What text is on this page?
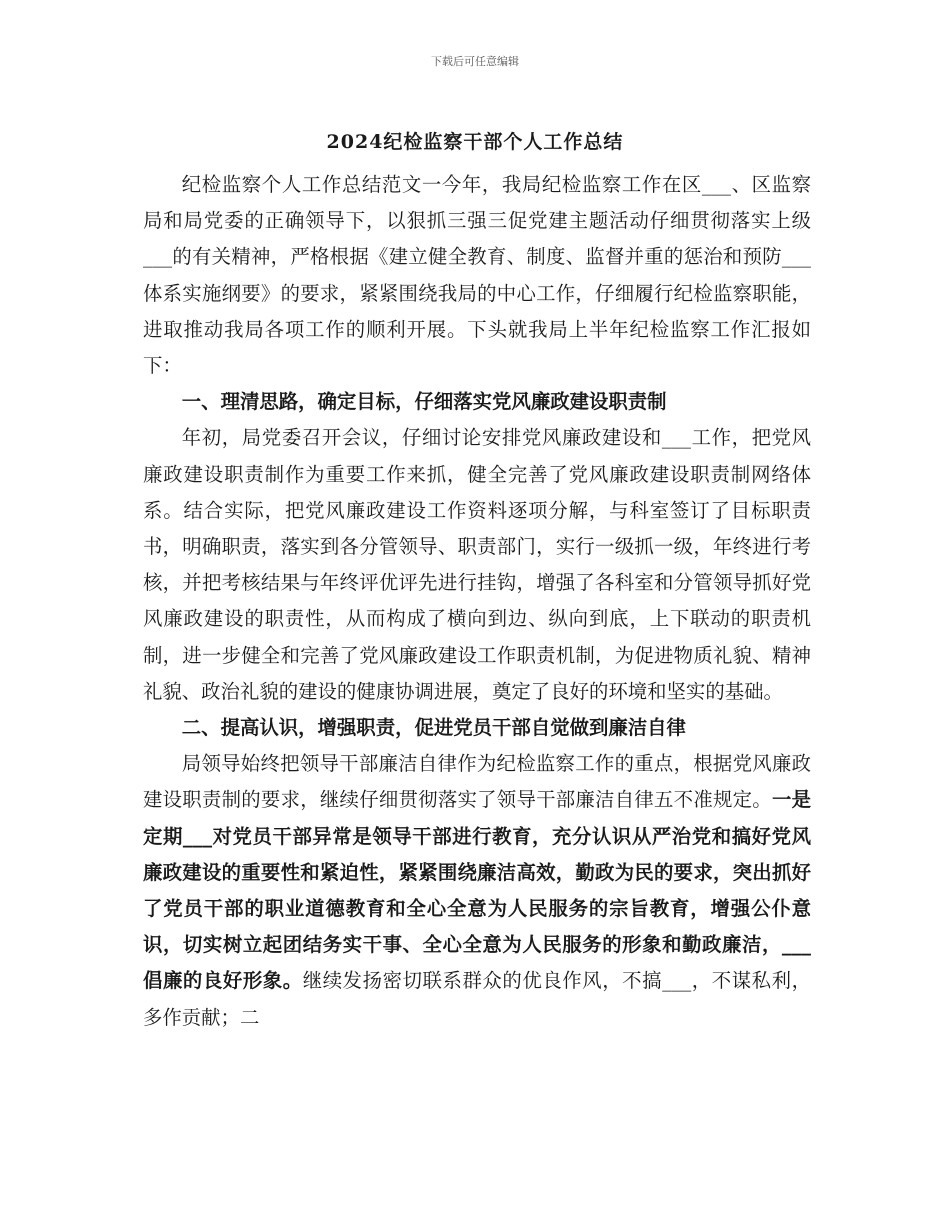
下载后可任意编辑
2024纪检监察干部个人工作总结

纪检监察个人工作总结范文一今年，我局纪检监察工作在区___、区监察局和局党委的正确领导下，以狠抓三强三促党建主题活动仔细贯彻落实上级___的有关精神，严格根据《建立健全教育、制度、监督并重的惩治和预防___体系实施纲要》的要求，紧紧围绕我局的中心工作，仔细履行纪检监察职能，进取推动我局各项工作的顺利开展。下头就我局上半年纪检监察工作汇报如下：

一、理清思路，确定目标，仔细落实党风廉政建设职责制

年初，局党委召开会议，仔细讨论安排党风廉政建设和___工作，把党风廉政建设职责制作为重要工作来抓，健全完善了党风廉政建设职责制网络体系。结合实际，把党风廉政建设工作资料逐项分解，与科室签订了目标职责书，明确职责，落实到各分管领导、职责部门，实行一级抓一级，年终进行考核，并把考核结果与年终评优评先进行挂钩，增强了各科室和分管领导抓好党风廉政建设的职责性，从而构成了横向到边、纵向到底，上下联动的职责机制，进一步健全和完善了党风廉政建设工作职责机制，为促进物质礼貌、精神礼貌、政治礼貌的建设的健康协调进展，奠定了良好的环境和坚实的基础。

二、提高认识，增强职责，促进党员干部自觉做到廉洁自律

局领导始终把领导干部廉洁自律作为纪检监察工作的重点，根据党风廉政建设职责制的要求，继续仔细贯彻落实了领导干部廉洁自律五不准规定。一是定期___对党员干部异常是领导干部进行教育，充分认识从严治党和搞好党风廉政建设的重要性和紧迫性，紧紧围绕廉洁高效，勤政为民的要求，突出抓好了党员干部的职业道德教育和全心全意为人民服务的宗旨教育，增强公仆意识，切实树立起团结务实干事、全心全意为人民服务的形象和勤政廉洁，___倡廉的良好形象。继续发扬密切联系群众的优良作风，不搞___，不谋私利，多作贡献；二
